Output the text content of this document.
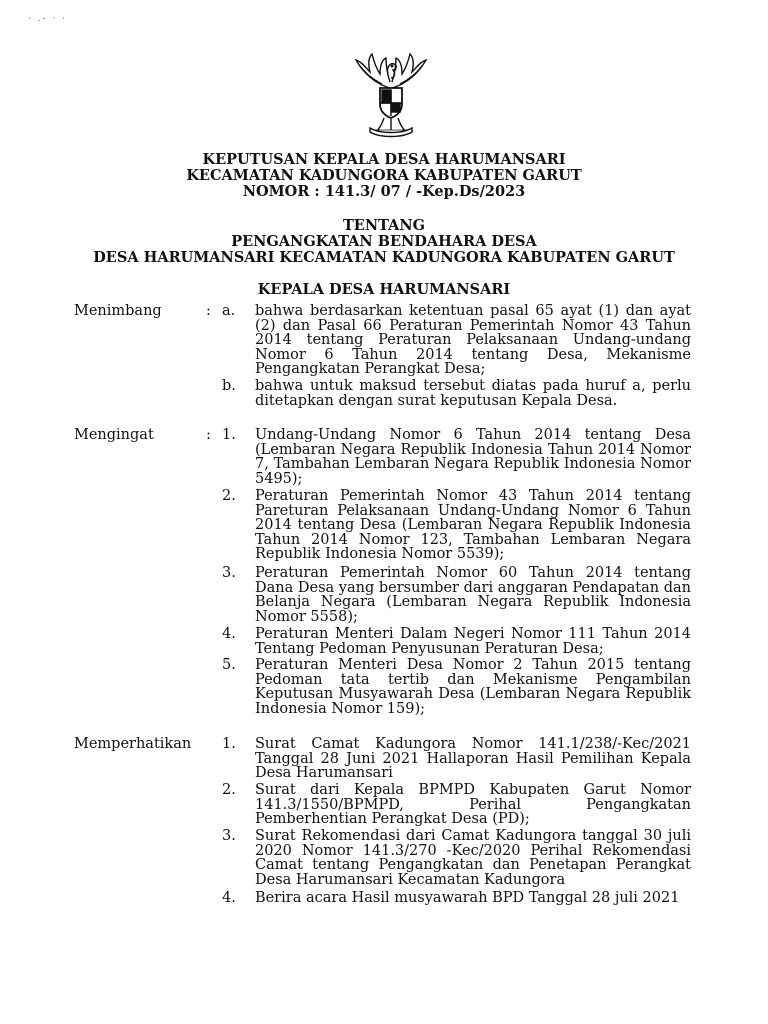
· .- · ·
KEPUTUSAN KEPALA DESA HARUMANSARI
KECAMATAN KADUNGORA KABUPATEN GARUT
NOMOR : 141.3/ 07 / -Kep.Ds/2023
TENTANG
PENGANGKATAN BENDAHARA DESA
DESA HARUMANSARI KECAMATAN KADUNGORA KABUPATEN GARUT
KEPALA DESA HARUMANSARI
Menimbang	: a.	bahwa berdasarkan ketentuan pasal 65 ayat (1) dan ayat
(2) dan Pasal 66 Peraturan Pemerintah Nomor 43 Tahun
2014 tentang Peraturan Pelaksanaan Undang-undang
Nomor 6 Tahun 2014 tentang Desa, Mekanisme
Pengangkatan Perangkat Desa;
b.	bahwa untuk maksud tersebut diatas pada huruf a, perlu
ditetapkan dengan surat keputusan Kepala Desa.
Mengingat	: 1.	Undang-Undang Nomor 6 Tahun 2014 tentang Desa
(Lembaran Negara Republik Indonesia Tahun 2014 Nomor
7, Tambahan Lembaran Negara Republik Indonesia Nomor
5495);
2.	Peraturan Pemerintah Nomor 43 Tahun 2014 tentang
Pareturan Pelaksanaan Undang-Undang Nomor 6 Tahun
2014 tentang Desa (Lembaran Negara Republik Indonesia
Tahun 2014 Nomor 123, Tambahan Lembaran Negara
Republik Indonesia Nomor 5539);
3.	Peraturan Pemerintah Nomor 60 Tahun 2014 tentang
Dana Desa yang bersumber dari anggaran Pendapatan dan
Belanja Negara (Lembaran Negara Republik Indonesia
Nomor 5558);
4.	Peraturan Menteri Dalam Negeri Nomor 111 Tahun 2014
Tentang Pedoman Penyusunan Peraturan Desa;
5.	Peraturan Menteri Desa Nomor 2 Tahun 2015 tentang
Pedoman tata tertib dan Mekanisme Pengambilan
Keputusan Musyawarah Desa (Lembaran Negara Republik
Indonesia Nomor 159);
Memperhatikan 1.	Surat Camat Kadungora Nomor 141.1/238/-Kec/2021
Tanggal 28 Juni 2021 Hallaporan Hasil Pemilihan Kepala
Desa Harumansari
2.	Surat dari Kepala BPMPD Kabupaten Garut Nomor
141.3/1550/BPMPD, Perihal Pengangkatan
Pemberhentian Perangkat Desa (PD);
3.	Surat Rekomendasi dari Camat Kadungora tanggal 30 juli
2020 Nomor 141.3/270 -Kec/2020 Perihal Rekomendasi
Camat tentang Pengangkatan dan Penetapan Perangkat
Desa Harumansari Kecamatan Kadungora
4.	Berira acara Hasil musyawarah BPD Tanggal 28 juli 2021
